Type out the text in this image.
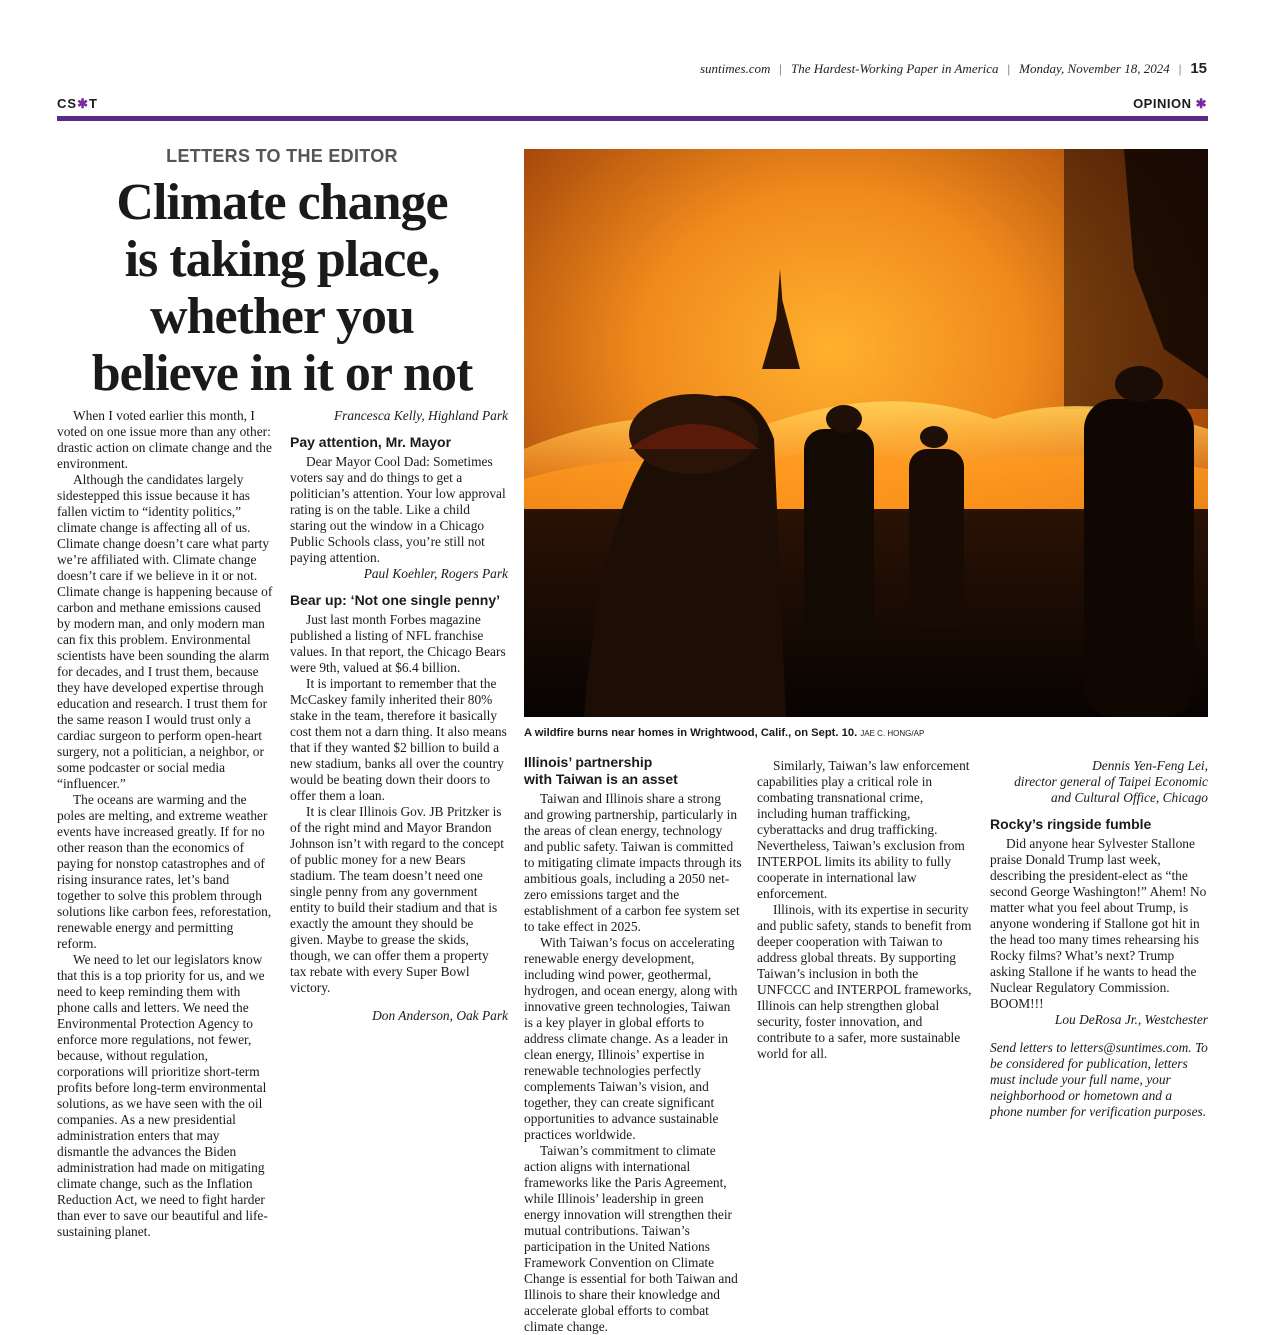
suntimes.com | The Hardest-Working Paper in America | Monday, November 18, 2024 | 15
CS✱T	OPINION ✱
LETTERS TO THE EDITOR
Climate change
is taking place,
whether you
believe in it or not
A wildfire burns near homes in Wrightwood, Calif., on Sept. 10. JAE C. HONG/AP

When I voted earlier this month, I voted on one issue more than any other: drastic action on climate change and the environment.

Although the candidates largely sidestepped this issue because it has fallen victim to “identity politics,” climate change is affecting all of us. Climate change doesn’t care what party we’re affiliated with. Climate change doesn’t care if we believe in it or not. Climate change is happening because of carbon and methane emissions caused by modern man, and only modern man can fix this problem. Environmental scientists have been sounding the alarm for decades, and I trust them, because they have developed expertise through education and research. I trust them for the same reason I would trust only a cardiac surgeon to perform open-heart surgery, not a politician, a neighbor, or some podcaster or social media “influencer.”

The oceans are warming and the poles are melting, and extreme weather events have increased greatly. If for no other reason than the economics of paying for nonstop catastrophes and of rising insurance rates, let’s band together to solve this problem through solutions like carbon fees, reforestation, renewable energy and permitting reform.

We need to let our legislators know that this is a top priority for us, and we need to keep reminding them with phone calls and letters. We need the Environmental Protection Agency to enforce more regulations, not fewer, because, without regulation, corporations will prioritize short-term profits before long-term environmental solutions, as we have seen with the oil companies. As a new presidential administration enters that may dismantle the advances the Biden administration had made on mitigating climate change, such as the Inflation Reduction Act, we need to fight harder than ever to save our beautiful and life-sustaining planet.

Francesca Kelly, Highland Park

Pay attention, Mr. Mayor

Dear Mayor Cool Dad: Sometimes voters say and do things to get a politician’s attention. Your low approval rating is on the table. Like a child staring out the window in a Chicago Public Schools class, you’re still not paying attention.

Paul Koehler, Rogers Park

Bear up: ‘Not one single penny’

Just last month Forbes magazine published a listing of NFL franchise values. In that report, the Chicago Bears were 9th, valued at $6.4 billion.

It is important to remember that the McCaskey family inherited their 80% stake in the team, therefore it basically cost them not a darn thing. It also means that if they wanted $2 billion to build a new stadium, banks all over the country would be beating down their doors to offer them a loan.

It is clear Illinois Gov. JB Pritzker is of the right mind and Mayor Brandon Johnson isn’t with regard to the concept of public money for a new Bears stadium. The team doesn’t need one single penny from any government entity to build their stadium and that is exactly the amount they should be given. Maybe to grease the skids, though, we can offer them a property tax rebate with every Super Bowl victory.

Don Anderson, Oak Park

Illinois’ partnership
with Taiwan is an asset

Taiwan and Illinois share a strong and growing partnership, particularly in the areas of clean energy, technology and public safety. Taiwan is committed to mitigating climate impacts through its ambitious goals, including a 2050 net-zero emissions target and the establishment of a carbon fee system set to take effect in 2025.

With Taiwan’s focus on accelerating renewable energy development, including wind power, geothermal, hydrogen, and ocean energy, along with innovative green technologies, Taiwan is a key player in global efforts to address climate change. As a leader in clean energy, Illinois’ expertise in renewable technologies perfectly complements Taiwan’s vision, and together, they can create significant opportunities to advance sustainable practices worldwide.

Taiwan’s commitment to climate action aligns with international frameworks like the Paris Agreement, while Illinois’ leadership in green energy innovation will strengthen their mutual contributions. Taiwan’s participation in the United Nations Framework Convention on Climate Change is essential for both Taiwan and Illinois to share their knowledge and accelerate global efforts to combat climate change.

Similarly, Taiwan’s law enforcement capabilities play a critical role in combating transnational crime, including human trafficking, cyberattacks and drug trafficking. Nevertheless, Taiwan’s exclusion from INTERPOL limits its ability to fully cooperate in international law enforcement.

Illinois, with its expertise in security and public safety, stands to benefit from deeper cooperation with Taiwan to address global threats. By supporting Taiwan’s inclusion in both the UNFCCC and INTERPOL frameworks, Illinois can help strengthen global security, foster innovation, and contribute to a safer, more sustainable world for all.

Dennis Yen-Feng Lei,
director general of Taipei Economic
and Cultural Office, Chicago
Rocky’s ringside fumble

Did anyone hear Sylvester Stallone praise Donald Trump last week, describing the president-elect as “the second George Washington!” Ahem! No matter what you feel about Trump, is anyone wondering if Stallone got hit in the head too many times rehearsing his Rocky films? What’s next? Trump asking Stallone if he wants to head the Nuclear Regulatory Commission. BOOM!!!

Lou DeRosa Jr., Westchester

Send letters to letters@suntimes.com. To be considered for publication, letters must include your full name, your neighborhood or hometown and a phone number for verification purposes.
